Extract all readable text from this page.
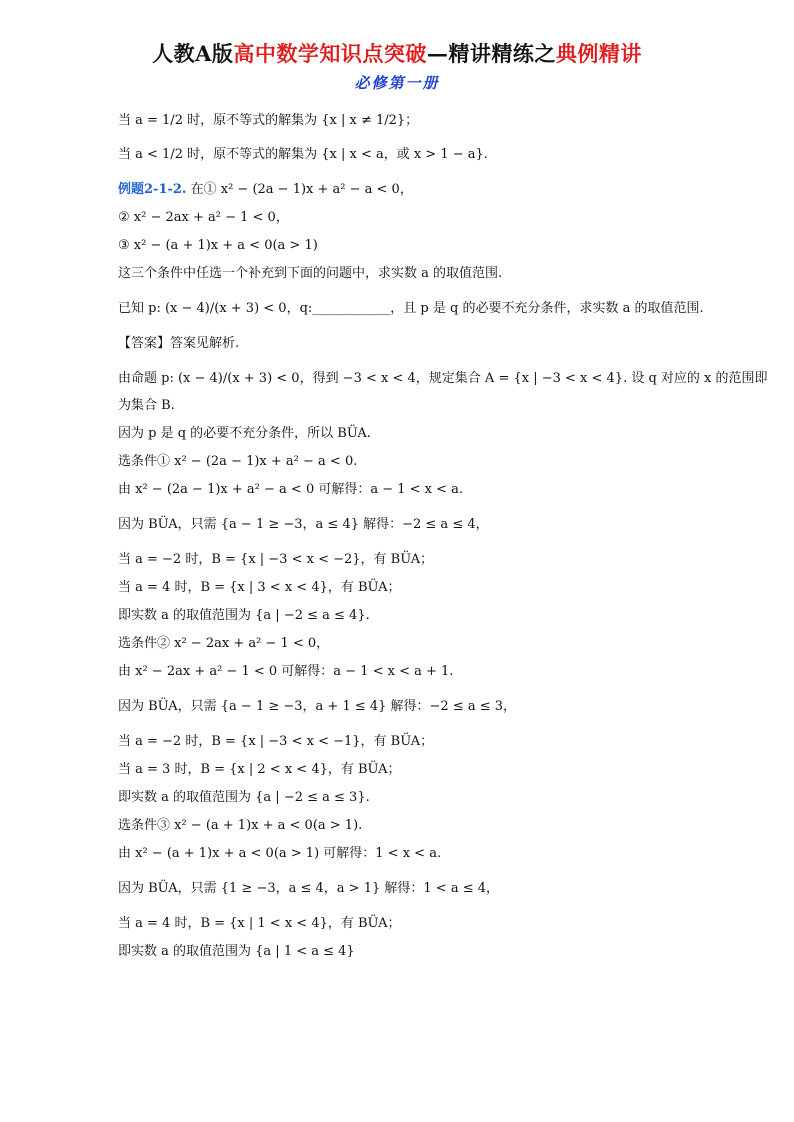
人教A版高中数学知识点突破—精讲精练之典例精讲
必修第一册

当 a = 1/2 时，原不等式的解集为 {x | x ≠ 1/2}；

当 a < 1/2 时，原不等式的解集为 {x | x < a，或 x > 1 − a}.

例题2-1-2. 在① x² − (2a − 1)x + a² − a < 0，

② x² − 2ax + a² − 1 < 0，

③ x² − (a + 1)x + a < 0(a > 1)

这三个条件中任选一个补充到下面的问题中，求实数 a 的取值范围.

已知 p: (x − 4)/(x + 3) < 0，q:____________，且 p 是 q 的必要不充分条件，求实数 a 的取值范围.

【答案】答案见解析.

由命题 p: (x − 4)/(x + 3) < 0，得到 −3 < x < 4，规定集合 A = {x | −3 < x < 4}. 设 q 对应的 x 的范围即

为集合 B.

因为 p 是 q 的必要不充分条件，所以 BÜA.

选条件① x² − (2a − 1)x + a² − a < 0.

由 x² − (2a − 1)x + a² − a < 0 可解得：a − 1 < x < a.

因为 BÜA，只需 {a − 1 ≥ −3，a ≤ 4} 解得：−2 ≤ a ≤ 4，

当 a = −2 时，B = {x | −3 < x < −2}，有 BÜA；

当 a = 4 时，B = {x | 3 < x < 4}，有 BÜA；

即实数 a 的取值范围为 {a | −2 ≤ a ≤ 4}.

选条件② x² − 2ax + a² − 1 < 0，

由 x² − 2ax + a² − 1 < 0 可解得：a − 1 < x < a + 1.

因为 BÜA，只需 {a − 1 ≥ −3，a + 1 ≤ 4} 解得：−2 ≤ a ≤ 3，

当 a = −2 时，B = {x | −3 < x < −1}，有 BÜA；

当 a = 3 时，B = {x | 2 < x < 4}，有 BÜA；

即实数 a 的取值范围为 {a | −2 ≤ a ≤ 3}.

选条件③ x² − (a + 1)x + a < 0(a > 1).

由 x² − (a + 1)x + a < 0(a > 1) 可解得：1 < x < a.

因为 BÜA，只需 {1 ≥ −3，a ≤ 4，a > 1} 解得：1 < a ≤ 4，

当 a = 4 时，B = {x | 1 < x < 4}，有 BÜA；

即实数 a 的取值范围为 {a | 1 < a ≤ 4}
